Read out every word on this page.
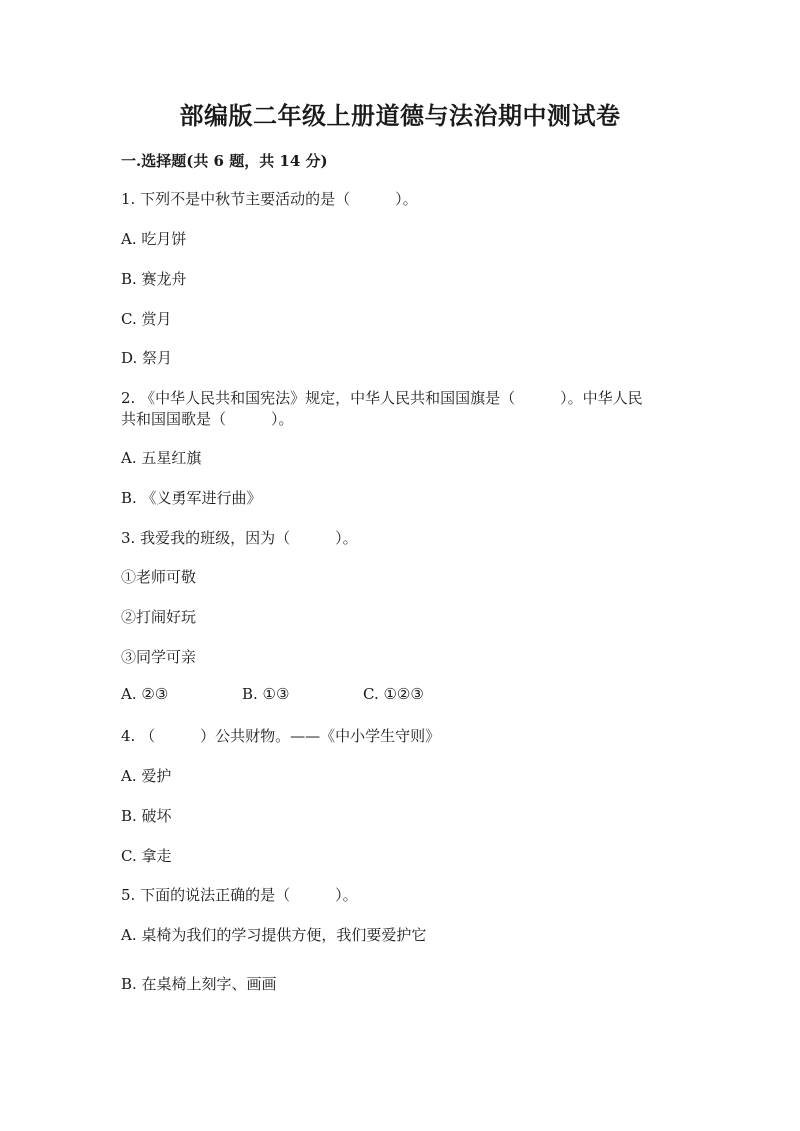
部编版二年级上册道德与法治期中测试卷
一.选择题(共 6 题，共 14 分)
1. 下列不是中秋节主要活动的是（　　　）。
A. 吃月饼
B. 赛龙舟
C. 赏月
D. 祭月
2. 《中华人民共和国宪法》规定，中华人民共和国国旗是（　　　）。中华人民
共和国国歌是（　　　）。
A. 五星红旗
B. 《义勇军进行曲》
3. 我爱我的班级，因为（　　　）。
①老师可敬
②打闹好玩
③同学可亲
A. ②③	B. ①③	C. ①②③
4. （　　　）公共财物。——《中小学生守则》
A. 爱护
B. 破坏
C. 拿走
5. 下面的说法正确的是（　　　）。
A. 桌椅为我们的学习提供方便，我们要爱护它
B. 在桌椅上刻字、画画
